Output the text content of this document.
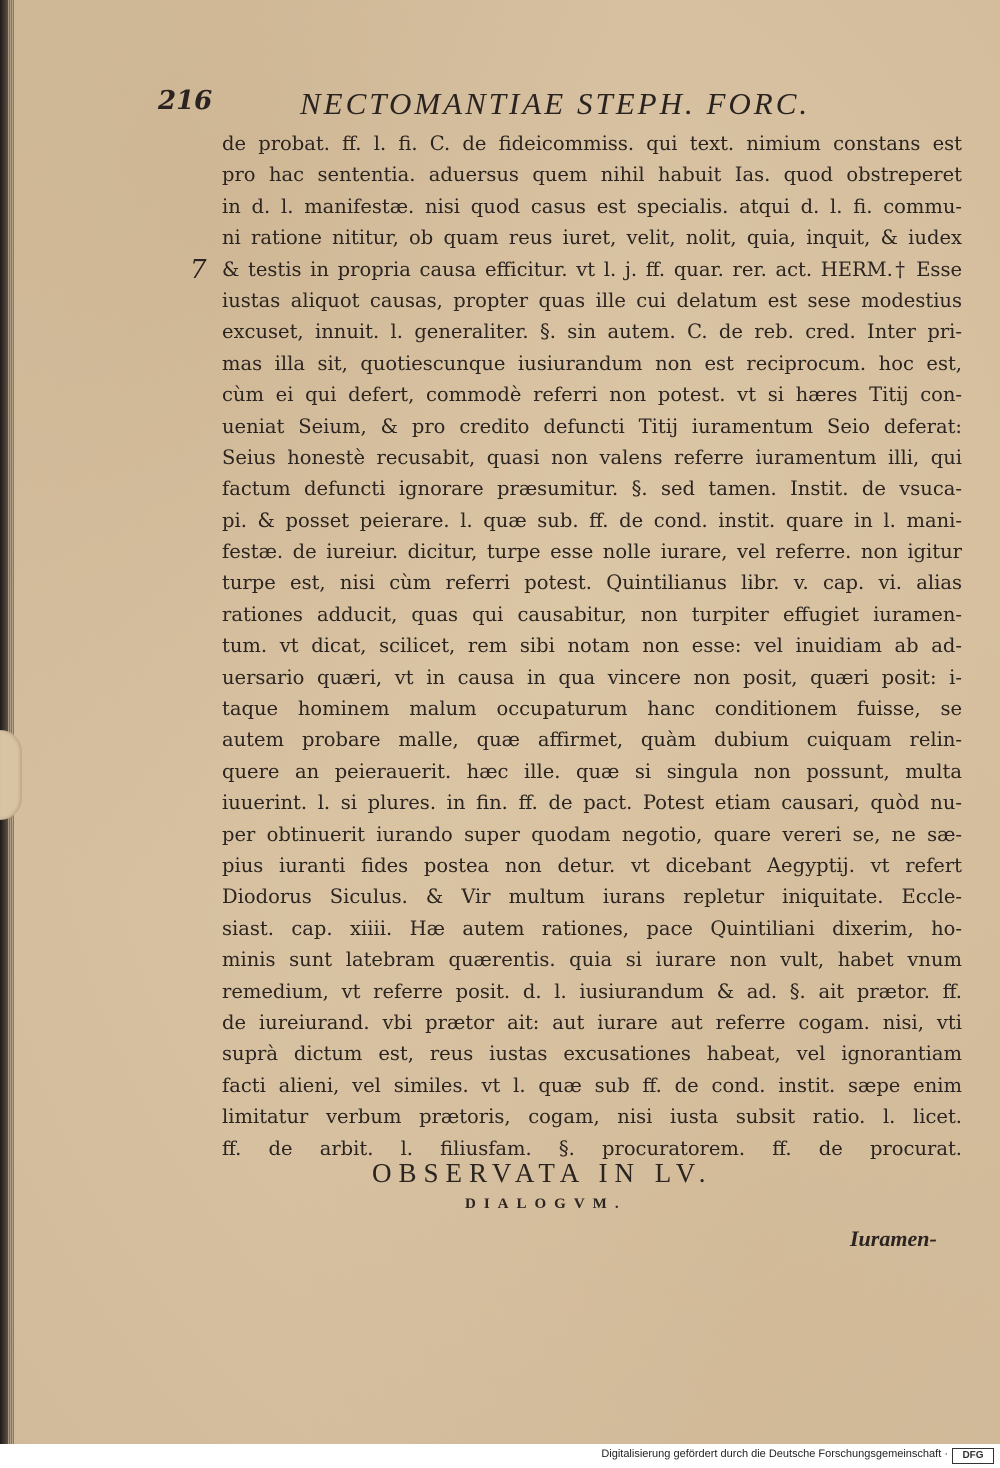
216	NECTOMANTIAE STEPH. FORC.
7
de probat. ff. l. fi. C. de fideicommiss. qui text. nimium constans est
pro hac sententia. aduersus quem nihil habuit Ias. quod obstreperet
in d. l. manifestæ. nisi quod casus est specialis. atqui d. l. fi. commu-
ni ratione nititur, ob quam reus iuret, velit, nolit, quia, inquit, & iudex
& testis in propria causa efficitur. vt l. j. ff. quar. rer. act. HERM.† Esse
iustas aliquot causas, propter quas ille cui delatum est sese modestius
excuset, innuit. l. generaliter. §. sin autem. C. de reb. cred. Inter pri-
mas illa sit, quotiescunque iusiurandum non est reciprocum. hoc est,
cùm ei qui defert, commodè referri non potest. vt si hæres Titij con-
ueniat Seium, & pro credito defuncti Titij iuramentum Seio deferat:
Seius honestè recusabit, quasi non valens referre iuramentum illi, qui
factum defuncti ignorare præsumitur. §. sed tamen. Instit. de vsuca-
pi. & posset peierare. l. quæ sub. ff. de cond. instit. quare in l. mani-
festæ. de iureiur. dicitur, turpe esse nolle iurare, vel referre. non igitur
turpe est, nisi cùm referri potest. Quintilianus libr. v. cap. vi. alias
rationes adducit, quas qui causabitur, non turpiter effugiet iuramen-
tum. vt dicat, scilicet, rem sibi notam non esse: vel inuidiam ab ad-
uersario quæri, vt in causa in qua vincere non posit, quæri posit: i-
taque hominem malum occupaturum hanc conditionem fuisse, se
autem probare malle, quæ affirmet, quàm dubium cuiquam relin-
quere an peierauerit. hæc ille. quæ si singula non possunt, multa
iuuerint. l. si plures. in fin. ff. de pact. Potest etiam causari, quòd nu-
per obtinuerit iurando super quodam negotio, quare vereri se, ne sæ-
pius iuranti fides postea non detur. vt dicebant Aegyptij. vt refert
Diodorus Siculus. & Vir multum iurans repletur iniquitate. Eccle-
siast. cap. xiiii. Hæ autem rationes, pace Quintiliani dixerim, ho-
minis sunt latebram quærentis. quia si iurare non vult, habet vnum
remedium, vt referre posit. d. l. iusiurandum & ad. §. ait prætor. ff.
de iureiurand. vbi prætor ait: aut iurare aut referre cogam. nisi, vti
suprà dictum est, reus iustas excusationes habeat, vel ignorantiam
facti alieni, vel similes. vt l. quæ sub ff. de cond. instit. sæpe enim
limitatur verbum prætoris, cogam, nisi iusta subsit ratio. l. licet.
ff. de arbit. l. filiusfam. §. procuratorem. ff. de procurat.
OBSERVATA IN LV.
DIALOGVM.
Iuramen-
Digitalisierung gefördert durch die Deutsche Forschungsgemeinschaft ·	DFG
